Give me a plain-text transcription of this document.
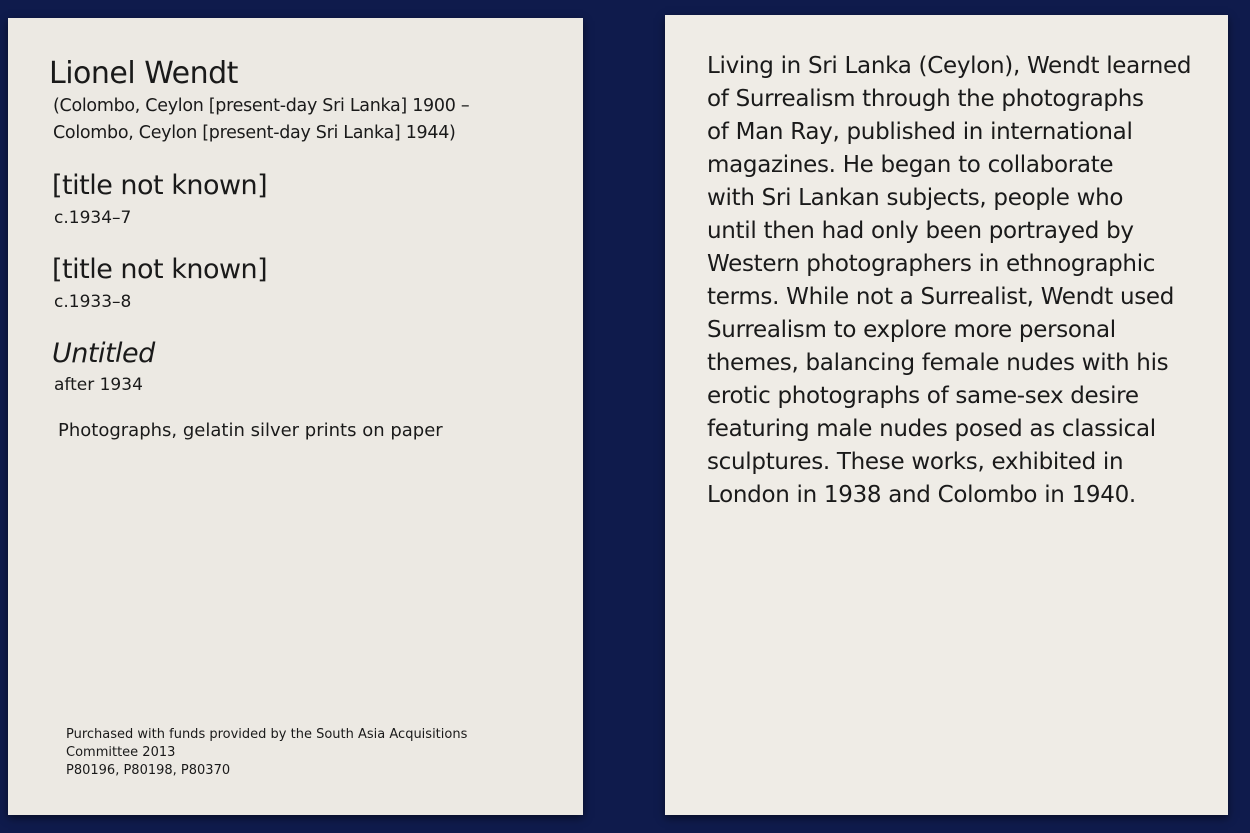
Lionel Wendt
(Colombo, Ceylon [present-day Sri Lanka] 1900 –
Colombo, Ceylon [present-day Sri Lanka] 1944)
[title not known]
c.1934–7
[title not known]
c.1933–8
Untitled
after 1934
Photographs, gelatin silver prints on paper
Purchased with funds provided by the South Asia Acquisitions
Committee 2013
P80196, P80198, P80370
Living in Sri Lanka (Ceylon), Wendt learned
of Surrealism through the photographs
of Man Ray, published in international
magazines. He began to collaborate
with Sri Lankan subjects, people who
until then had only been portrayed by
Western photographers in ethnographic
terms. While not a Surrealist, Wendt used
Surrealism to explore more personal
themes, balancing female nudes with his
erotic photographs of same-sex desire
featuring male nudes posed as classical
sculptures. These works, exhibited in
London in 1938 and Colombo in 1940.
